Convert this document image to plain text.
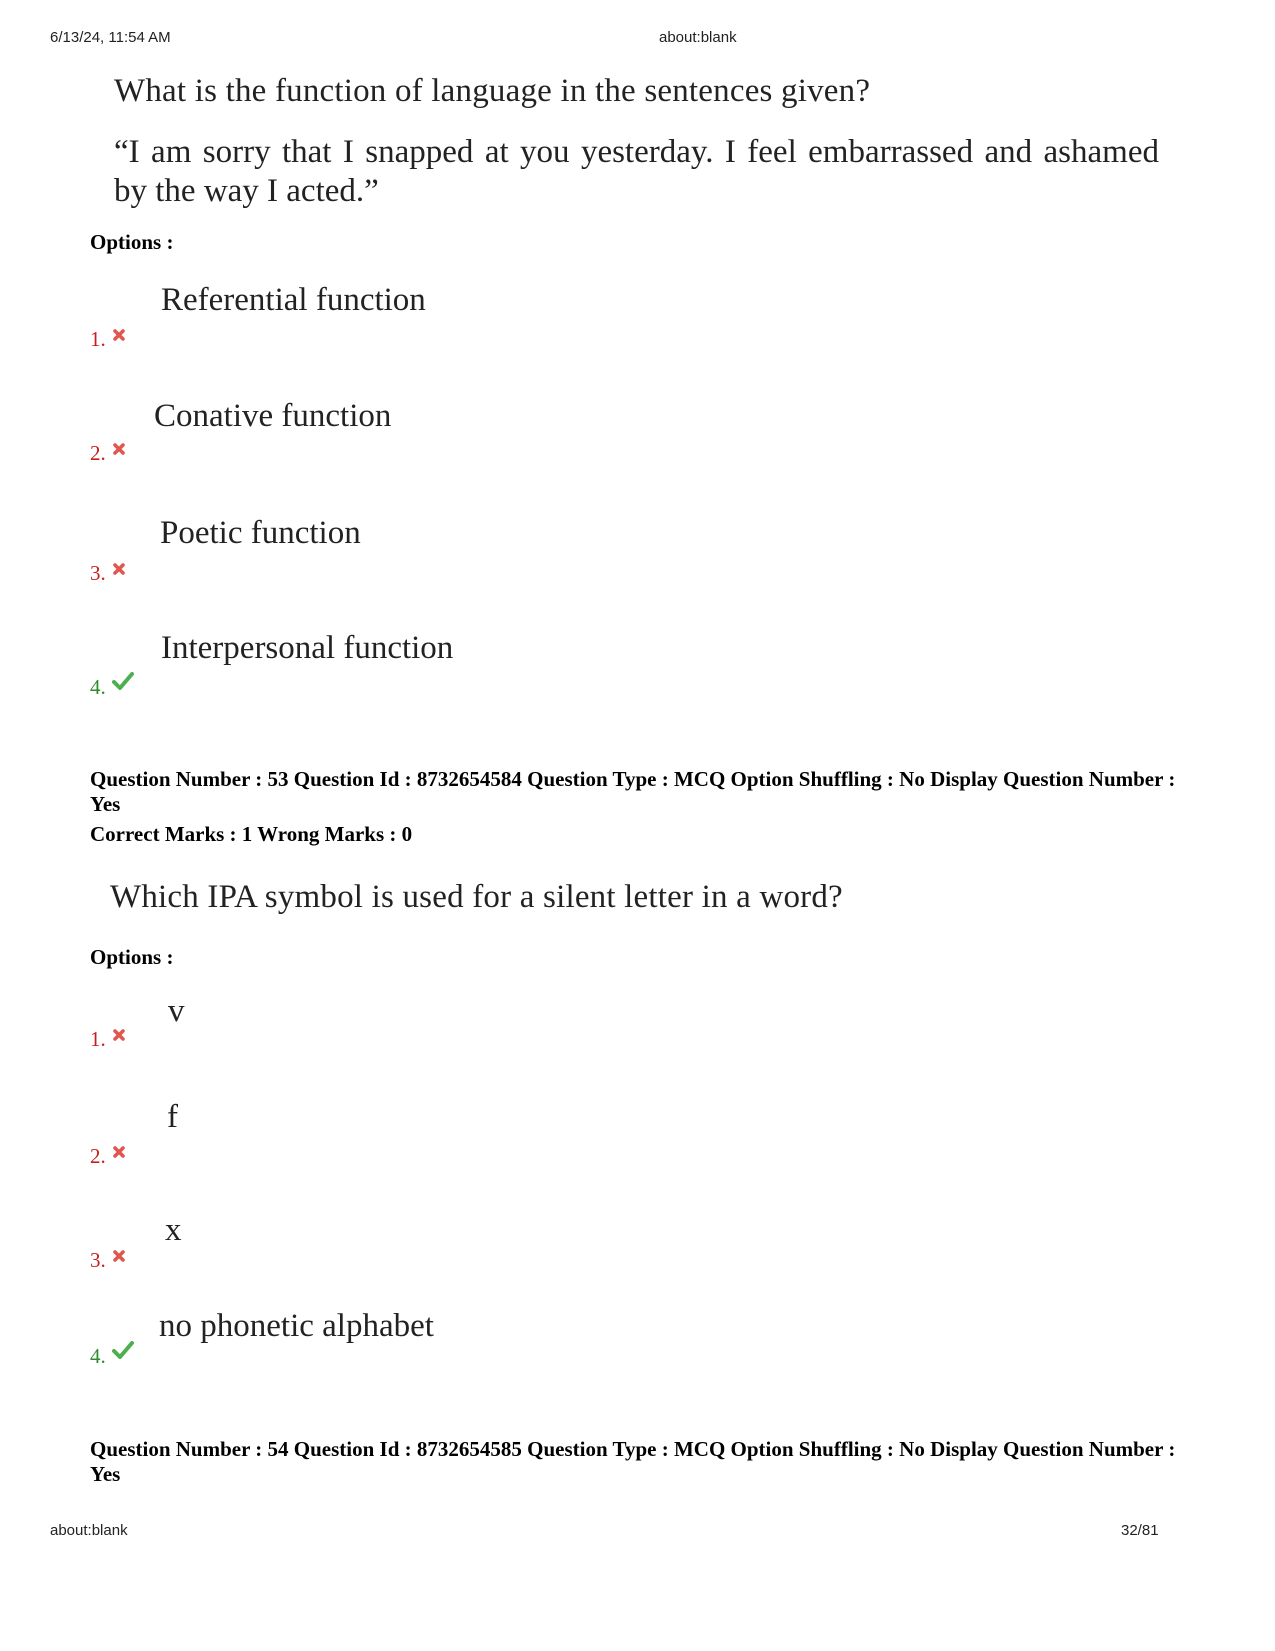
6/13/24, 11:54 AM	about:blank
What is the function of language in the sentences given?
“I am sorry that I snapped at you yesterday. I feel embarrassed and ashamed by the way I acted.”
Options :
Referential function
1.
Conative function
2.
Poetic function
3.
Interpersonal function
4.
Question Number : 53 Question Id : 8732654584 Question Type : MCQ Option Shuffling : No Display Question Number : Yes
Correct Marks : 1 Wrong Marks : 0
Which IPA symbol is used for a silent letter in a word?
Options :
v
1.
f
2.
x
3.
no phonetic alphabet
4.
Question Number : 54 Question Id : 8732654585 Question Type : MCQ Option Shuffling : No Display Question Number : Yes
about:blank	32/81
